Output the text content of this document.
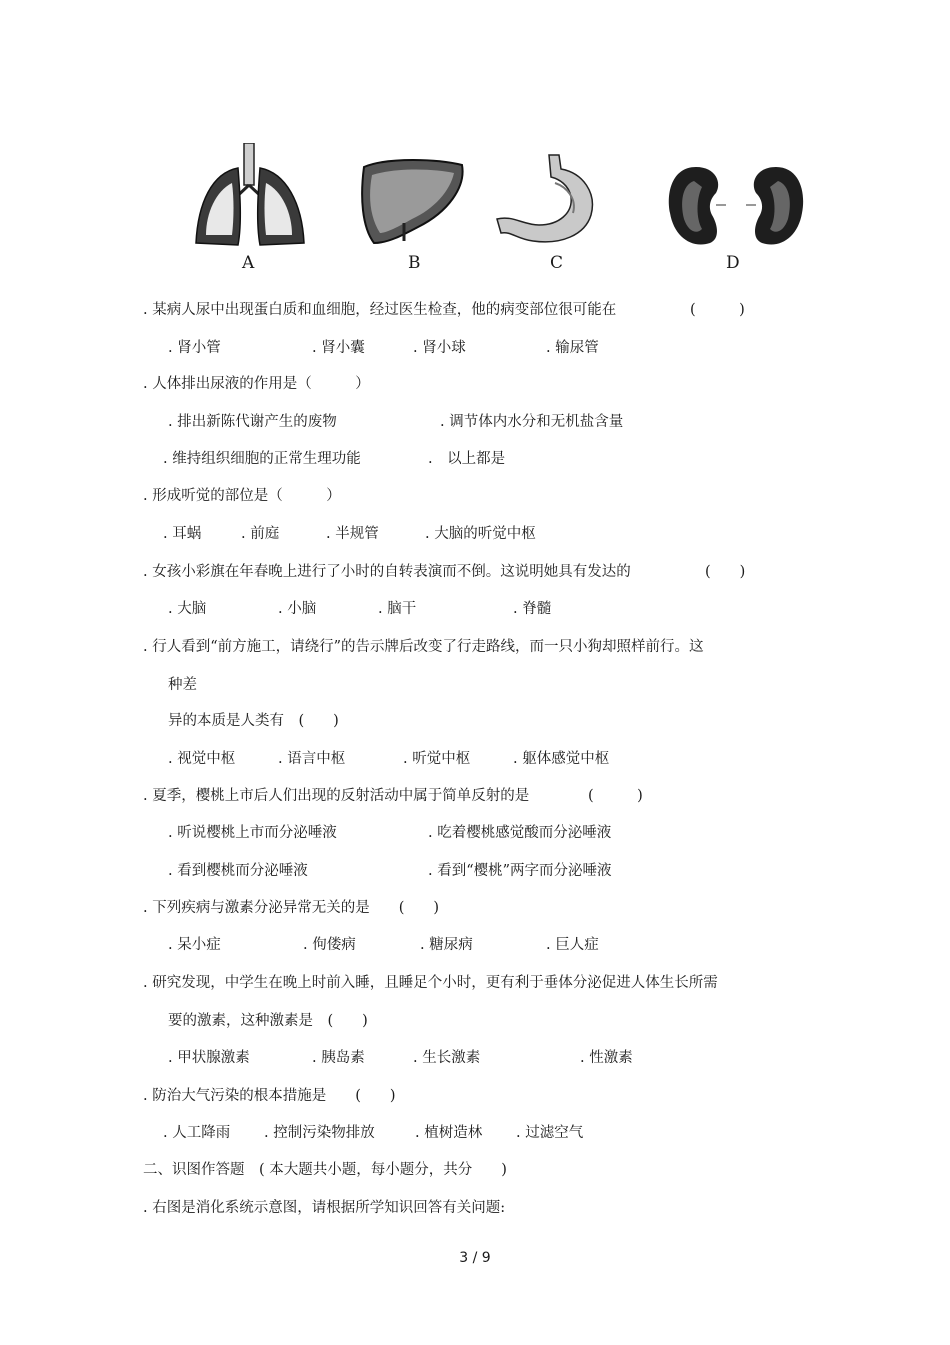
A	B	C	D
. 某病人尿中出现蛋白质和血细胞，经过医生检查，他的病变部位很可能在	(　　　)
. 肾小管	. 肾小囊	. 肾小球	. 输尿管
. 人体排出尿液的作用是（　　　）
. 排出新陈代谢产生的废物	. 调节体内水分和无机盐含量
. 维持组织细胞的正常生理功能	.　以上都是
. 形成听觉的部位是（　　　）
. 耳蜗	. 前庭	. 半规管	. 大脑的听觉中枢
. 女孩小彩旗在年春晚上进行了小时的自转表演而不倒。这说明她具有发达的	(　　)
. 大脑	. 小脑	. 脑干	. 脊髓
. 行人看到“前方施工，请绕行”的告示牌后改变了行走路线，而一只小狗却照样前行。这
种差
异的本质是人类有　(　　)
. 视觉中枢	. 语言中枢	. 听觉中枢	. 躯体感觉中枢
. 夏季，樱桃上市后人们出现的反射活动中属于简单反射的是	(　　　)
. 听说樱桃上市而分泌唾液	. 吃着樱桃感觉酸而分泌唾液
. 看到樱桃而分泌唾液	. 看到“樱桃”两字而分泌唾液
. 下列疾病与激素分泌异常无关的是　　(　　)
. 呆小症	. 佝偻病	. 糖尿病	. 巨人症
. 研究发现，中学生在晚上时前入睡，且睡足个小时，更有利于垂体分泌促进人体生长所需
要的激素，这种激素是　(　　)
. 甲状腺激素	. 胰岛素	. 生长激素	. 性激素
. 防治大气污染的根本措施是　　(　　)
. 人工降雨 . 控制污染物排放	. 植树造林 . 过滤空气
二、识图作答题　( 本大题共小题，每小题分，共分　　)
. 右图是消化系统示意图，请根据所学知识回答有关问题:
3 / 9
